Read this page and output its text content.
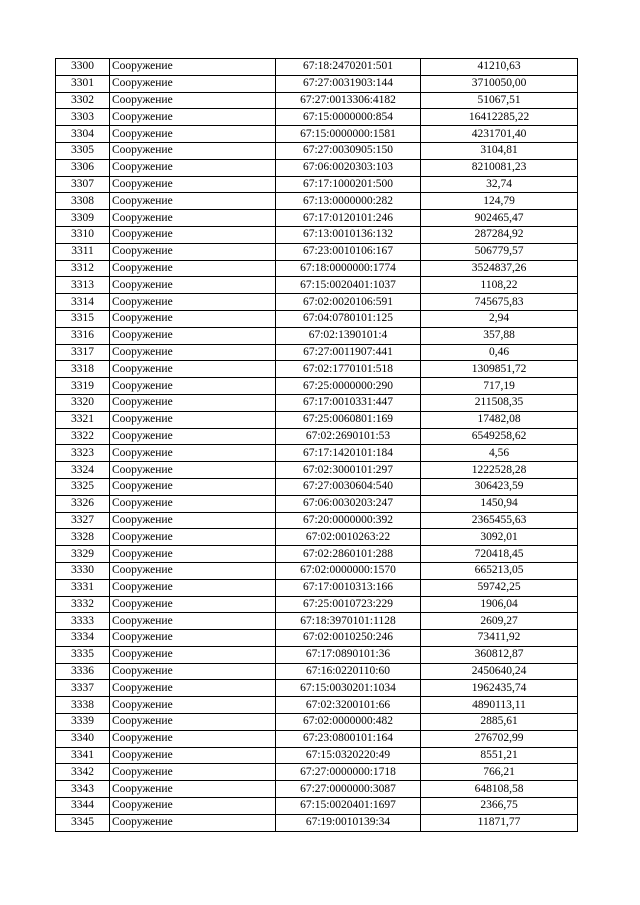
3300	Сооружение	67:18:2470201:501	41210,63
3301	Сооружение	67:27:0031903:144	3710050,00
3302	Сооружение	67:27:0013306:4182	51067,51
3303	Сооружение	67:15:0000000:854	16412285,22
3304	Сооружение	67:15:0000000:1581	4231701,40
3305	Сооружение	67:27:0030905:150	3104,81
3306	Сооружение	67:06:0020303:103	8210081,23
3307	Сооружение	67:17:1000201:500	32,74
3308	Сооружение	67:13:0000000:282	124,79
3309	Сооружение	67:17:0120101:246	902465,47
3310	Сооружение	67:13:0010136:132	287284,92
3311	Сооружение	67:23:0010106:167	506779,57
3312	Сооружение	67:18:0000000:1774	3524837,26
3313	Сооружение	67:15:0020401:1037	1108,22
3314	Сооружение	67:02:0020106:591	745675,83
3315	Сооружение	67:04:0780101:125	2,94
3316	Сооружение	67:02:1390101:4	357,88
3317	Сооружение	67:27:0011907:441	0,46
3318	Сооружение	67:02:1770101:518	1309851,72
3319	Сооружение	67:25:0000000:290	717,19
3320	Сооружение	67:17:0010331:447	211508,35
3321	Сооружение	67:25:0060801:169	17482,08
3322	Сооружение	67:02:2690101:53	6549258,62
3323	Сооружение	67:17:1420101:184	4,56
3324	Сооружение	67:02:3000101:297	1222528,28
3325	Сооружение	67:27:0030604:540	306423,59
3326	Сооружение	67:06:0030203:247	1450,94
3327	Сооружение	67:20:0000000:392	2365455,63
3328	Сооружение	67:02:0010263:22	3092,01
3329	Сооружение	67:02:2860101:288	720418,45
3330	Сооружение	67:02:0000000:1570	665213,05
3331	Сооружение	67:17:0010313:166	59742,25
3332	Сооружение	67:25:0010723:229	1906,04
3333	Сооружение	67:18:3970101:1128	2609,27
3334	Сооружение	67:02:0010250:246	73411,92
3335	Сооружение	67:17:0890101:36	360812,87
3336	Сооружение	67:16:0220110:60	2450640,24
3337	Сооружение	67:15:0030201:1034	1962435,74
3338	Сооружение	67:02:3200101:66	4890113,11
3339	Сооружение	67:02:0000000:482	2885,61
3340	Сооружение	67:23:0800101:164	276702,99
3341	Сооружение	67:15:0320220:49	8551,21
3342	Сооружение	67:27:0000000:1718	766,21
3343	Сооружение	67:27:0000000:3087	648108,58
3344	Сооружение	67:15:0020401:1697	2366,75
3345	Сооружение	67:19:0010139:34	11871,77
